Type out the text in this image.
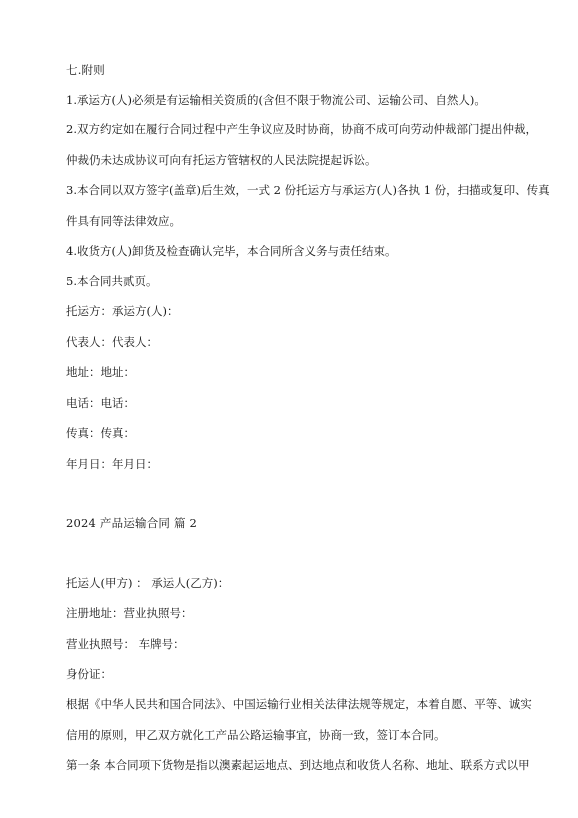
七.附则
1.承运方(人)必须是有运输相关资质的(含但不限于物流公司、运输公司、自然人)。
2.双方约定如在履行合同过程中产生争议应及时协商，协商不成可向劳动仲裁部门提出仲裁，
仲裁仍未达成协议可向有托运方管辖权的人民法院提起诉讼。
3.本合同以双方签字(盖章)后生效，一式 2 份托运方与承运方(人)各执 1 份，扫描或复印、传真
件具有同等法律效应。
4.收货方(人)卸货及检查确认完毕，本合同所含义务与责任结束。
5.本合同共贰页。
托运方：承运方(人)：
代表人：代表人：
地址：地址：
电话：电话：
传真：传真：
年月日：年月日：
2024 产品运输合同 篇 2
托运人(甲方) ： 承运人(乙方)：
注册地址：营业执照号：
营业执照号： 车牌号：
身份证：
根据《中华人民共和国合同法》、中国运输行业相关法律法规等规定，本着自愿、平等、诚实
信用的原则，甲乙双方就化工产品公路运输事宜，协商一致，签订本合同。
第一条 本合同项下货物是指以澳素起运地点、到达地点和收货人名称、地址、联系方式以甲
